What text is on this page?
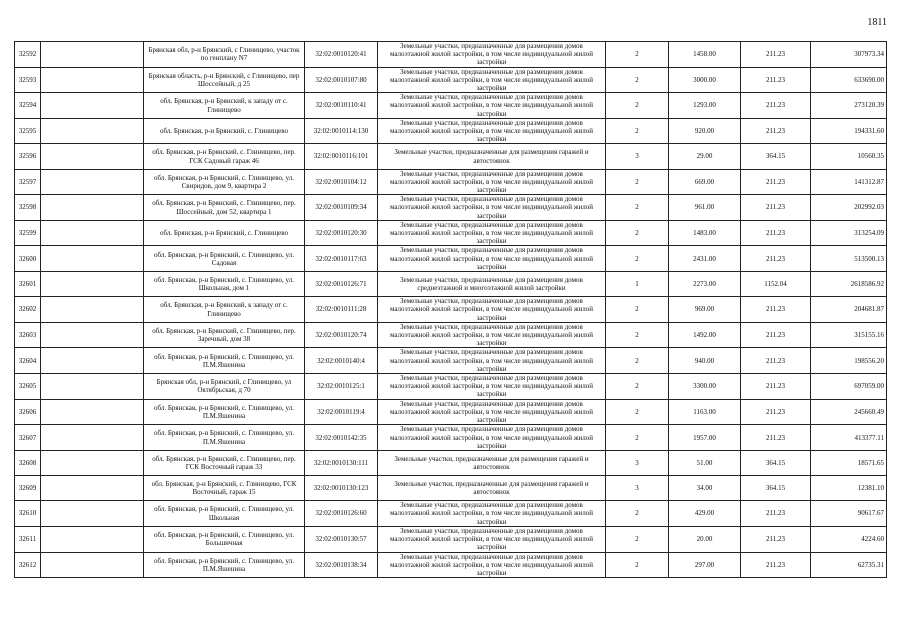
1811
32592		Брянская обл, р-н Брянский, с Глинищево, участок по генплану N7	32:02:0010120:41	Земельные участки, предназначенные для размещения домов малоэтажной жилой застройки, в том числе индивидуальной жилой застройки	2	1458.00	211.23	307973.34
32593		Брянская область, р-н Брянский, с Глинищево, пер Шоссейный, д 25	32:02:0010107:80	Земельные участки, предназначенные для размещения домов малоэтажной жилой застройки, в том числе индивидуальной жилой застройки	2	3000.00	211.23	633690.00
32594		обл. Брянская, р-н Брянский, к западу от с. Глинищево	32:02:0010110:41	Земельные участки, предназначенные для размещения домов малоэтажной жилой застройки, в том числе индивидуальной жилой застройки	2	1293.00	211.23	273120.39
32595		обл. Брянская, р-н Брянский, с. Глинищево	32:02:0010114:130	Земельные участки, предназначенные для размещения домов малоэтажной жилой застройки, в том числе индивидуальной жилой застройки	2	920.00	211.23	194331.60
32596		обл. Брянская, р-н Брянский, с. Глинищево, пер. ГСК Садовый гараж 46	32:02:0010116:101	Земельные участки, предназначенные для размещения гаражей и автостоянок	3	29.00	364.15	10560.35
32597		обл. Брянская, р-н Брянский, с. Глинищево, ул. Свиридов, дом 9, квартира 2	32:02:0010104:12	Земельные участки, предназначенные для размещения домов малоэтажной жилой застройки, в том числе индивидуальной жилой застройки	2	669.00	211.23	141312.87
32598		обл. Брянская, р-н Брянский, с. Глинищево, пер. Шоссейный, дом 52, квартира 1	32:02:0010109:34	Земельные участки, предназначенные для размещения домов малоэтажной жилой застройки, в том числе индивидуальной жилой застройки	2	961.00	211.23	202992.03
32599		обл. Брянская, р-н Брянский, с. Глинищево	32:02:0010120:30	Земельные участки, предназначенные для размещения домов малоэтажной жилой застройки, в том числе индивидуальной жилой застройки	2	1483.00	211.23	313254.09
32600		обл. Брянская, р-н Брянский, с. Глинищево, ул. Садовая	32:02:0010117:63	Земельные участки, предназначенные для размещения домов малоэтажной жилой застройки, в том числе индивидуальной жилой застройки	2	2431.00	211.23	513500.13
32601		обл. Брянская, р-н Брянский, с. Глинищево, ул. Школьная, дом 1	32:02:0010126:71	Земельные участки, предназначенные для размещения домов среднеэтажной и многоэтажной жилой застройки	1	2273.00	1152.04	2618586.92
32602		обл. Брянская, р-н Брянский, к западу от с. Глинищево	32:02:0010111:28	Земельные участки, предназначенные для размещения домов малоэтажной жилой застройки, в том числе индивидуальной жилой застройки	2	969.00	211.23	204681.87
32603		обл. Брянская, р-н Брянский, с. Глинищево, пер. Заречный, дом 38	32:02:0010120:74	Земельные участки, предназначенные для размещения домов малоэтажной жилой застройки, в том числе индивидуальной жилой застройки	2	1492.00	211.23	315155.16
32604		обл. Брянская, р-н Брянский, с. Глинищево, ул. П.М.Яшенина	32:02:0010140:4	Земельные участки, предназначенные для размещения домов малоэтажной жилой застройки, в том числе индивидуальной жилой застройки	2	940.00	211.23	198556.20
32605		Брянская обл, р-н Брянский, с Глинищево, ул Октябрьская, д 70	32:02:0010125:1	Земельные участки, предназначенные для размещения домов малоэтажной жилой застройки, в том числе индивидуальной жилой застройки	2	3300.00	211.23	697059.00
32606		обл. Брянская, р-н Брянский, с. Глинищево, ул. П.М.Яшенина	32:02:0010119:4	Земельные участки, предназначенные для размещения домов малоэтажной жилой застройки, в том числе индивидуальной жилой застройки	2	1163.00	211.23	245660.49
32607		обл. Брянская, р-н Брянский, с. Глинищево, ул. П.М.Яшенина	32:02:0010142:35	Земельные участки, предназначенные для размещения домов малоэтажной жилой застройки, в том числе индивидуальной жилой застройки	2	1957.00	211.23	413377.11
32608		обл. Брянская, р-н Брянский, с. Глинищево, пер. ГСК Восточный гараж 33	32:02:0010130:111	Земельные участки, предназначенные для размещения гаражей и автостоянок	3	51.00	364.15	18571.65
32609		обл. Брянская, р-н Брянский, с. Глинищево, ГСК Восточный, гараж 15	32:02:0010130:123	Земельные участки, предназначенные для размещения гаражей и автостоянок	3	34.00	364.15	12381.10
32610		обл. Брянская, р-н Брянский, с. Глинищево, ул. Школьная	32:02:0010126:60	Земельные участки, предназначенные для размещения домов малоэтажной жилой застройки, в том числе индивидуальной жилой застройки	2	429.00	211.23	90617.67
32611		обл. Брянская, р-н Брянский, с. Глинищево, ул. Большичная	32:02:0010130:57	Земельные участки, предназначенные для размещения домов малоэтажной жилой застройки, в том числе индивидуальной жилой застройки	2	20.00	211.23	4224.60
32612		обл. Брянская, р-н Брянский, с. Глинищево, ул. П.М.Яшенина	32:02:0010138:34	Земельные участки, предназначенные для размещения домов малоэтажной жилой застройки, в том числе индивидуальной жилой застройки	2	297.00	211.23	62735.31
